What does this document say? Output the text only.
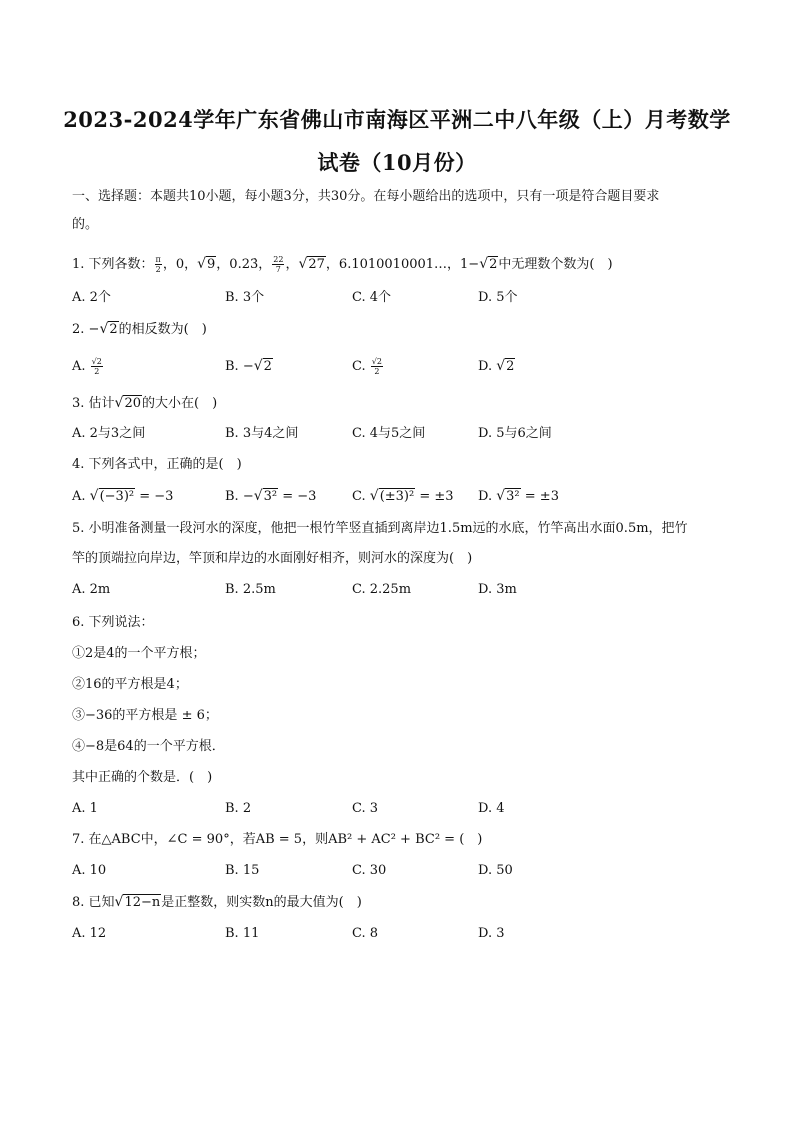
2023-2024学年广东省佛山市南海区平洲二中八年级（上）月考数学
试卷（10月份）
一、选择题：本题共10小题，每小题3分，共30分。在每小题给出的选项中，只有一项是符合题目要求
的。
1. 下列各数： $\frac{\pi}{2}$ ，0，√9，0.23̇， $\frac{22}{7}$ ，√27，6.1010010001…，1−√2中无理数个数为(　)
A. 2个	B. 3个	C. 4个	D. 5个
2. −√2的相反数为(　)
A. $\frac{√2}{2}$	B. −√2	C. $\frac{√2}{2}$	D. √2
3. 估计√20的大小在(　)
A. 2与3之间	B. 3与4之间	C. 4与5之间	D. 5与6之间
4. 下列各式中，正确的是(　)
A. √(−3)² = −3	B. −√3² = −3	C. √(±3)² = ±3 D. √3² = ±3
5. 小明准备测量一段河水的深度，他把一根竹竿竖直插到离岸边1.5m远的水底，竹竿高出水面0.5m，把竹
竿的顶端拉向岸边，竿顶和岸边的水面刚好相齐，则河水的深度为(　)
A. 2m	B. 2.5m	C. 2.25m	D. 3m
6. 下列说法：
①2是4的一个平方根；
②16的平方根是4；
③−36的平方根是 ± 6；
④−8是64的一个平方根．
其中正确的个数是．(　)
A. 1	B. 2	C. 3	D. 4
7. 在△ABC中，∠C = 90°，若AB = 5，则AB² + AC² + BC² = (　)
A. 10	B. 15	C. 30	D. 50
8. 已知√12−n是正整数，则实数n的最大值为(　)
A. 12	B. 11	C. 8	D. 3
